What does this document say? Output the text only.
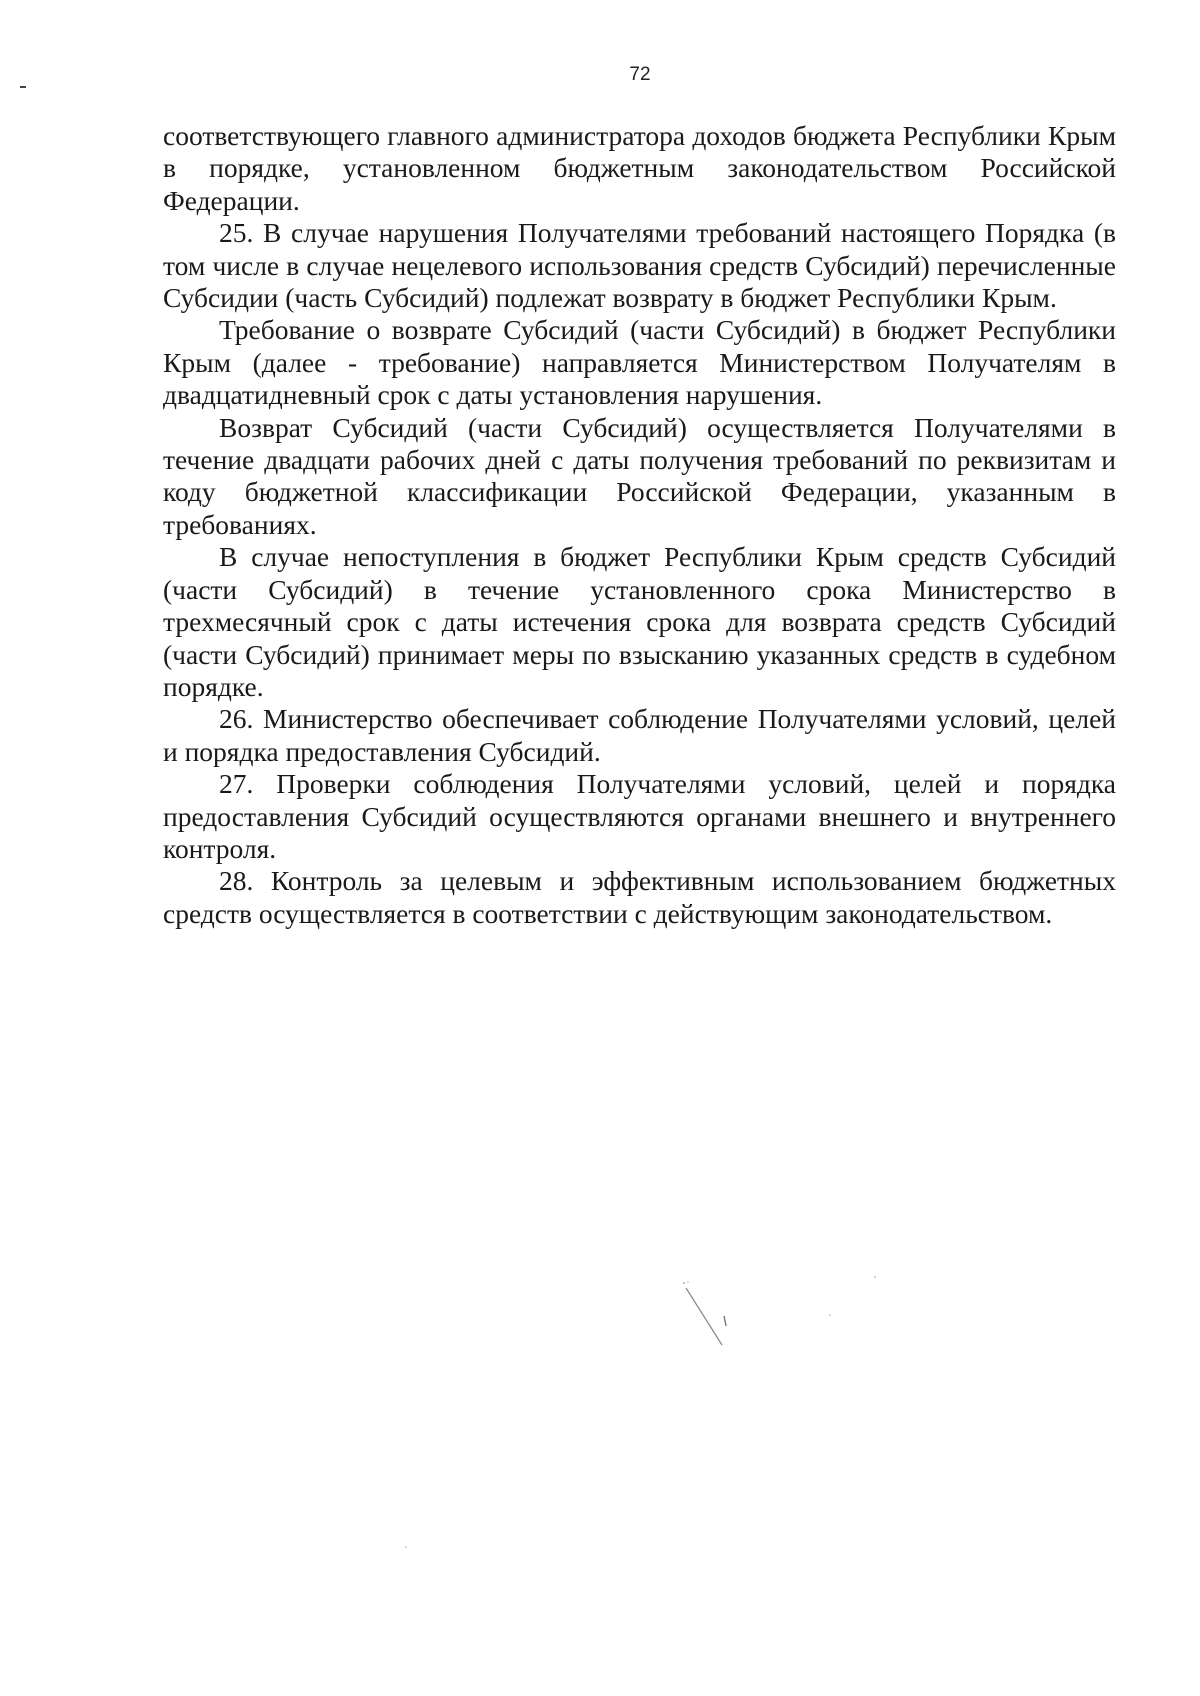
72

соответствующего главного администратора доходов бюджета Республики Крым в порядке, установленном бюджетным законодательством Российской Федерации.

25. В случае нарушения Получателями требований настоящего Порядка (в том числе в случае нецелевого использования средств Субсидий) перечисленные Субсидии (часть Субсидий) подлежат возврату в бюджет Республики Крым.

Требование о возврате Субсидий (части Субсидий) в бюджет Республики Крым (далее - требование) направляется Министерством Получателям в двадцатидневный срок с даты установления нарушения.

Возврат Субсидий (части Субсидий) осуществляется Получателями в течение двадцати рабочих дней с даты получения требований по реквизитам и коду бюджетной классификации Российской Федерации, указанным в требованиях.

В случае непоступления в бюджет Республики Крым средств Субсидий (части Субсидий) в течение установленного срока Министерство в трехмесячный срок с даты истечения срока для возврата средств Субсидий (части Субсидий) принимает меры по взысканию указанных средств в судебном порядке.

26. Министерство обеспечивает соблюдение Получателями условий, целей и порядка предоставления Субсидий.

27. Проверки соблюдения Получателями условий, целей и порядка предоставления Субсидий осуществляются органами внешнего и внутреннего контроля.

28. Контроль за целевым и эффективным использованием бюджетных средств осуществляется в соответствии с действующим законодательством.
